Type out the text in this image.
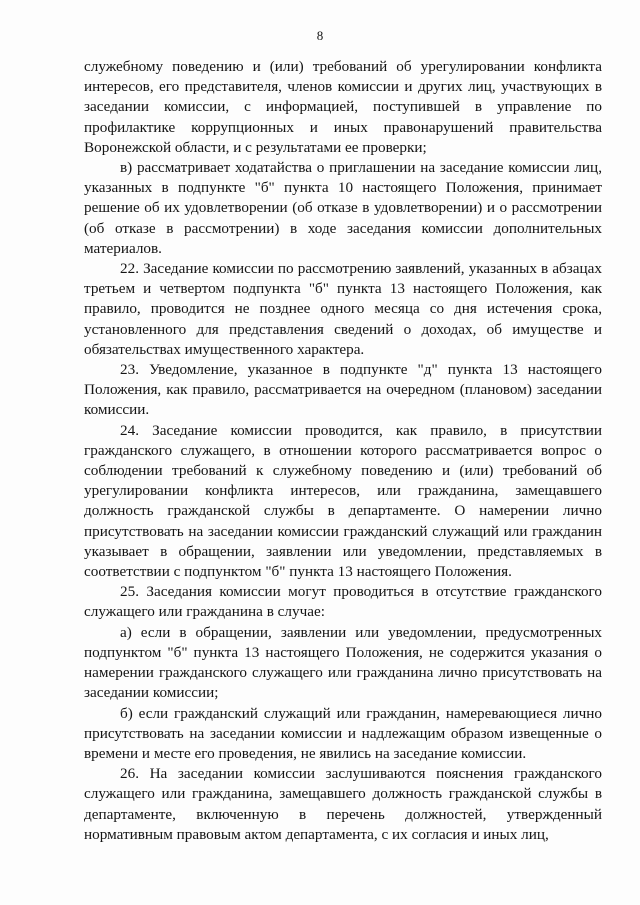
8

служебному поведению и (или) требований об урегулировании конфликта интересов, его представителя, членов комиссии и других лиц, участвующих в заседании комиссии, с информацией, поступившей в управление по профилактике коррупционных и иных правонарушений правительства Воронежской области, и с результатами ее проверки;

в) рассматривает ходатайства о приглашении на заседание комиссии лиц, указанных в подпункте "б" пункта 10 настоящего Положения, принимает решение об их удовлетворении (об отказе в удовлетворении) и о рассмотрении (об отказе в рассмотрении) в ходе заседания комиссии дополнительных материалов.

22. Заседание комиссии по рассмотрению заявлений, указанных в абзацах третьем и четвертом подпункта "б" пункта 13 настоящего Положения, как правило, проводится не позднее одного месяца со дня истечения срока, установленного для представления сведений о доходах, об имуществе и обязательствах имущественного характера.

23. Уведомление, указанное в подпункте "д" пункта 13 настоящего Положения, как правило, рассматривается на очередном (плановом) заседании комиссии.

24. Заседание комиссии проводится, как правило, в присутствии гражданского служащего, в отношении которого рассматривается вопрос о соблюдении требований к служебному поведению и (или) требований об урегулировании конфликта интересов, или гражданина, замещавшего должность гражданской службы в департаменте. О намерении лично присутствовать на заседании комиссии гражданский служащий или гражданин указывает в обращении, заявлении или уведомлении, представляемых в соответствии с подпунктом "б" пункта 13 настоящего Положения.

25. Заседания комиссии могут проводиться в отсутствие гражданского служащего или гражданина в случае:

а) если в обращении, заявлении или уведомлении, предусмотренных подпунктом "б" пункта 13 настоящего Положения, не содержится указания о намерении гражданского служащего или гражданина лично присутствовать на заседании комиссии;

б) если гражданский служащий или гражданин, намеревающиеся лично присутствовать на заседании комиссии и надлежащим образом извещенные о времени и месте его проведения, не явились на заседание комиссии.

26. На заседании комиссии заслушиваются пояснения гражданского служащего или гражданина, замещавшего должность гражданской службы в департаменте, включенную в перечень должностей, утвержденный нормативным правовым актом департамента, с их согласия и иных лиц,
